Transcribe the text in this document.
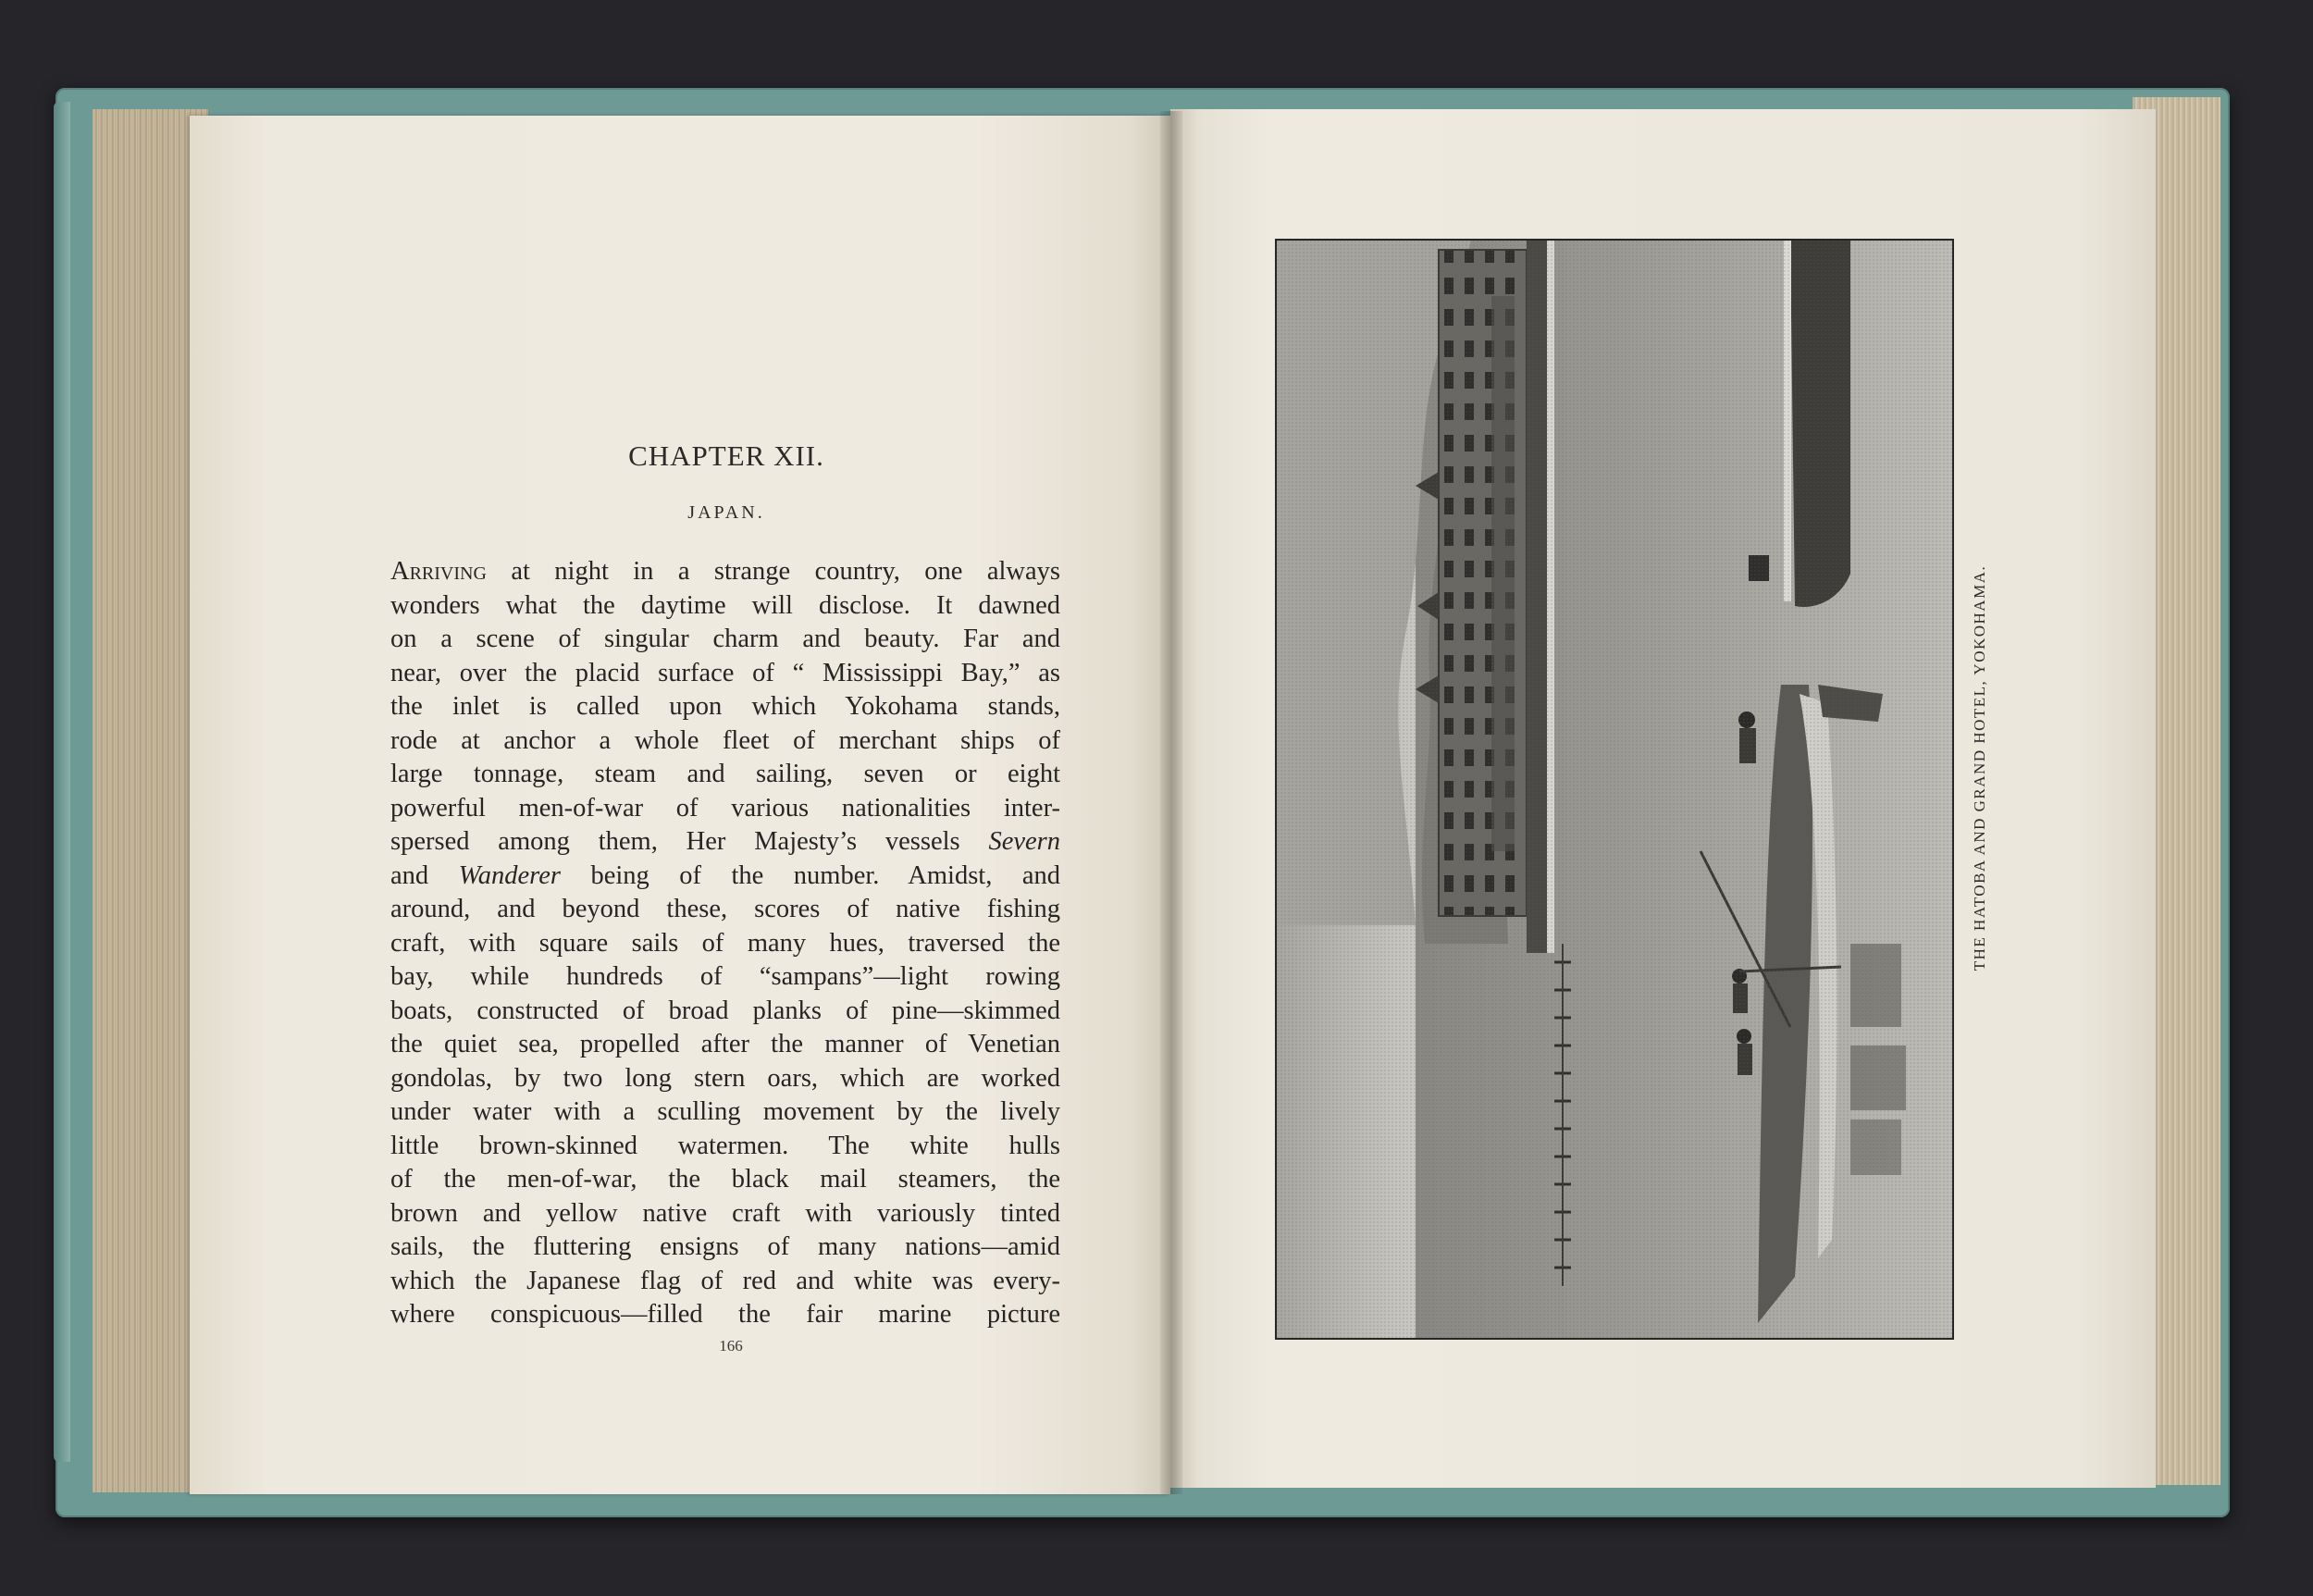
CHAPTER XII.
JAPAN.
Arriving at night in a strange country, one always
wonders what the daytime will disclose. It dawned
on a scene of singular charm and beauty. Far and
near, over the placid surface of “ Mississippi Bay,” as
the inlet is called upon which Yokohama stands,
rode at anchor a whole fleet of merchant ships of
large tonnage, steam and sailing, seven or eight
powerful men-of-war of various nationalities inter-
spersed among them, Her Majesty’s vessels Severn
and Wanderer being of the number. Amidst, and
around, and beyond these, scores of native fishing
craft, with square sails of many hues, traversed the
bay, while hundreds of “sampans”—light rowing
boats, constructed of broad planks of pine—skimmed
the quiet sea, propelled after the manner of Venetian
gondolas, by two long stern oars, which are worked
under water with a sculling movement by the lively
little brown-skinned watermen. The white hulls
of the men-of-war, the black mail steamers, the
brown and yellow native craft with variously tinted
sails, the fluttering ensigns of many nations—amid
which the Japanese flag of red and white was every-
where conspicuous—filled the fair marine picture
166
THE HATOBA AND GRAND HOTEL, YOKOHAMA.
